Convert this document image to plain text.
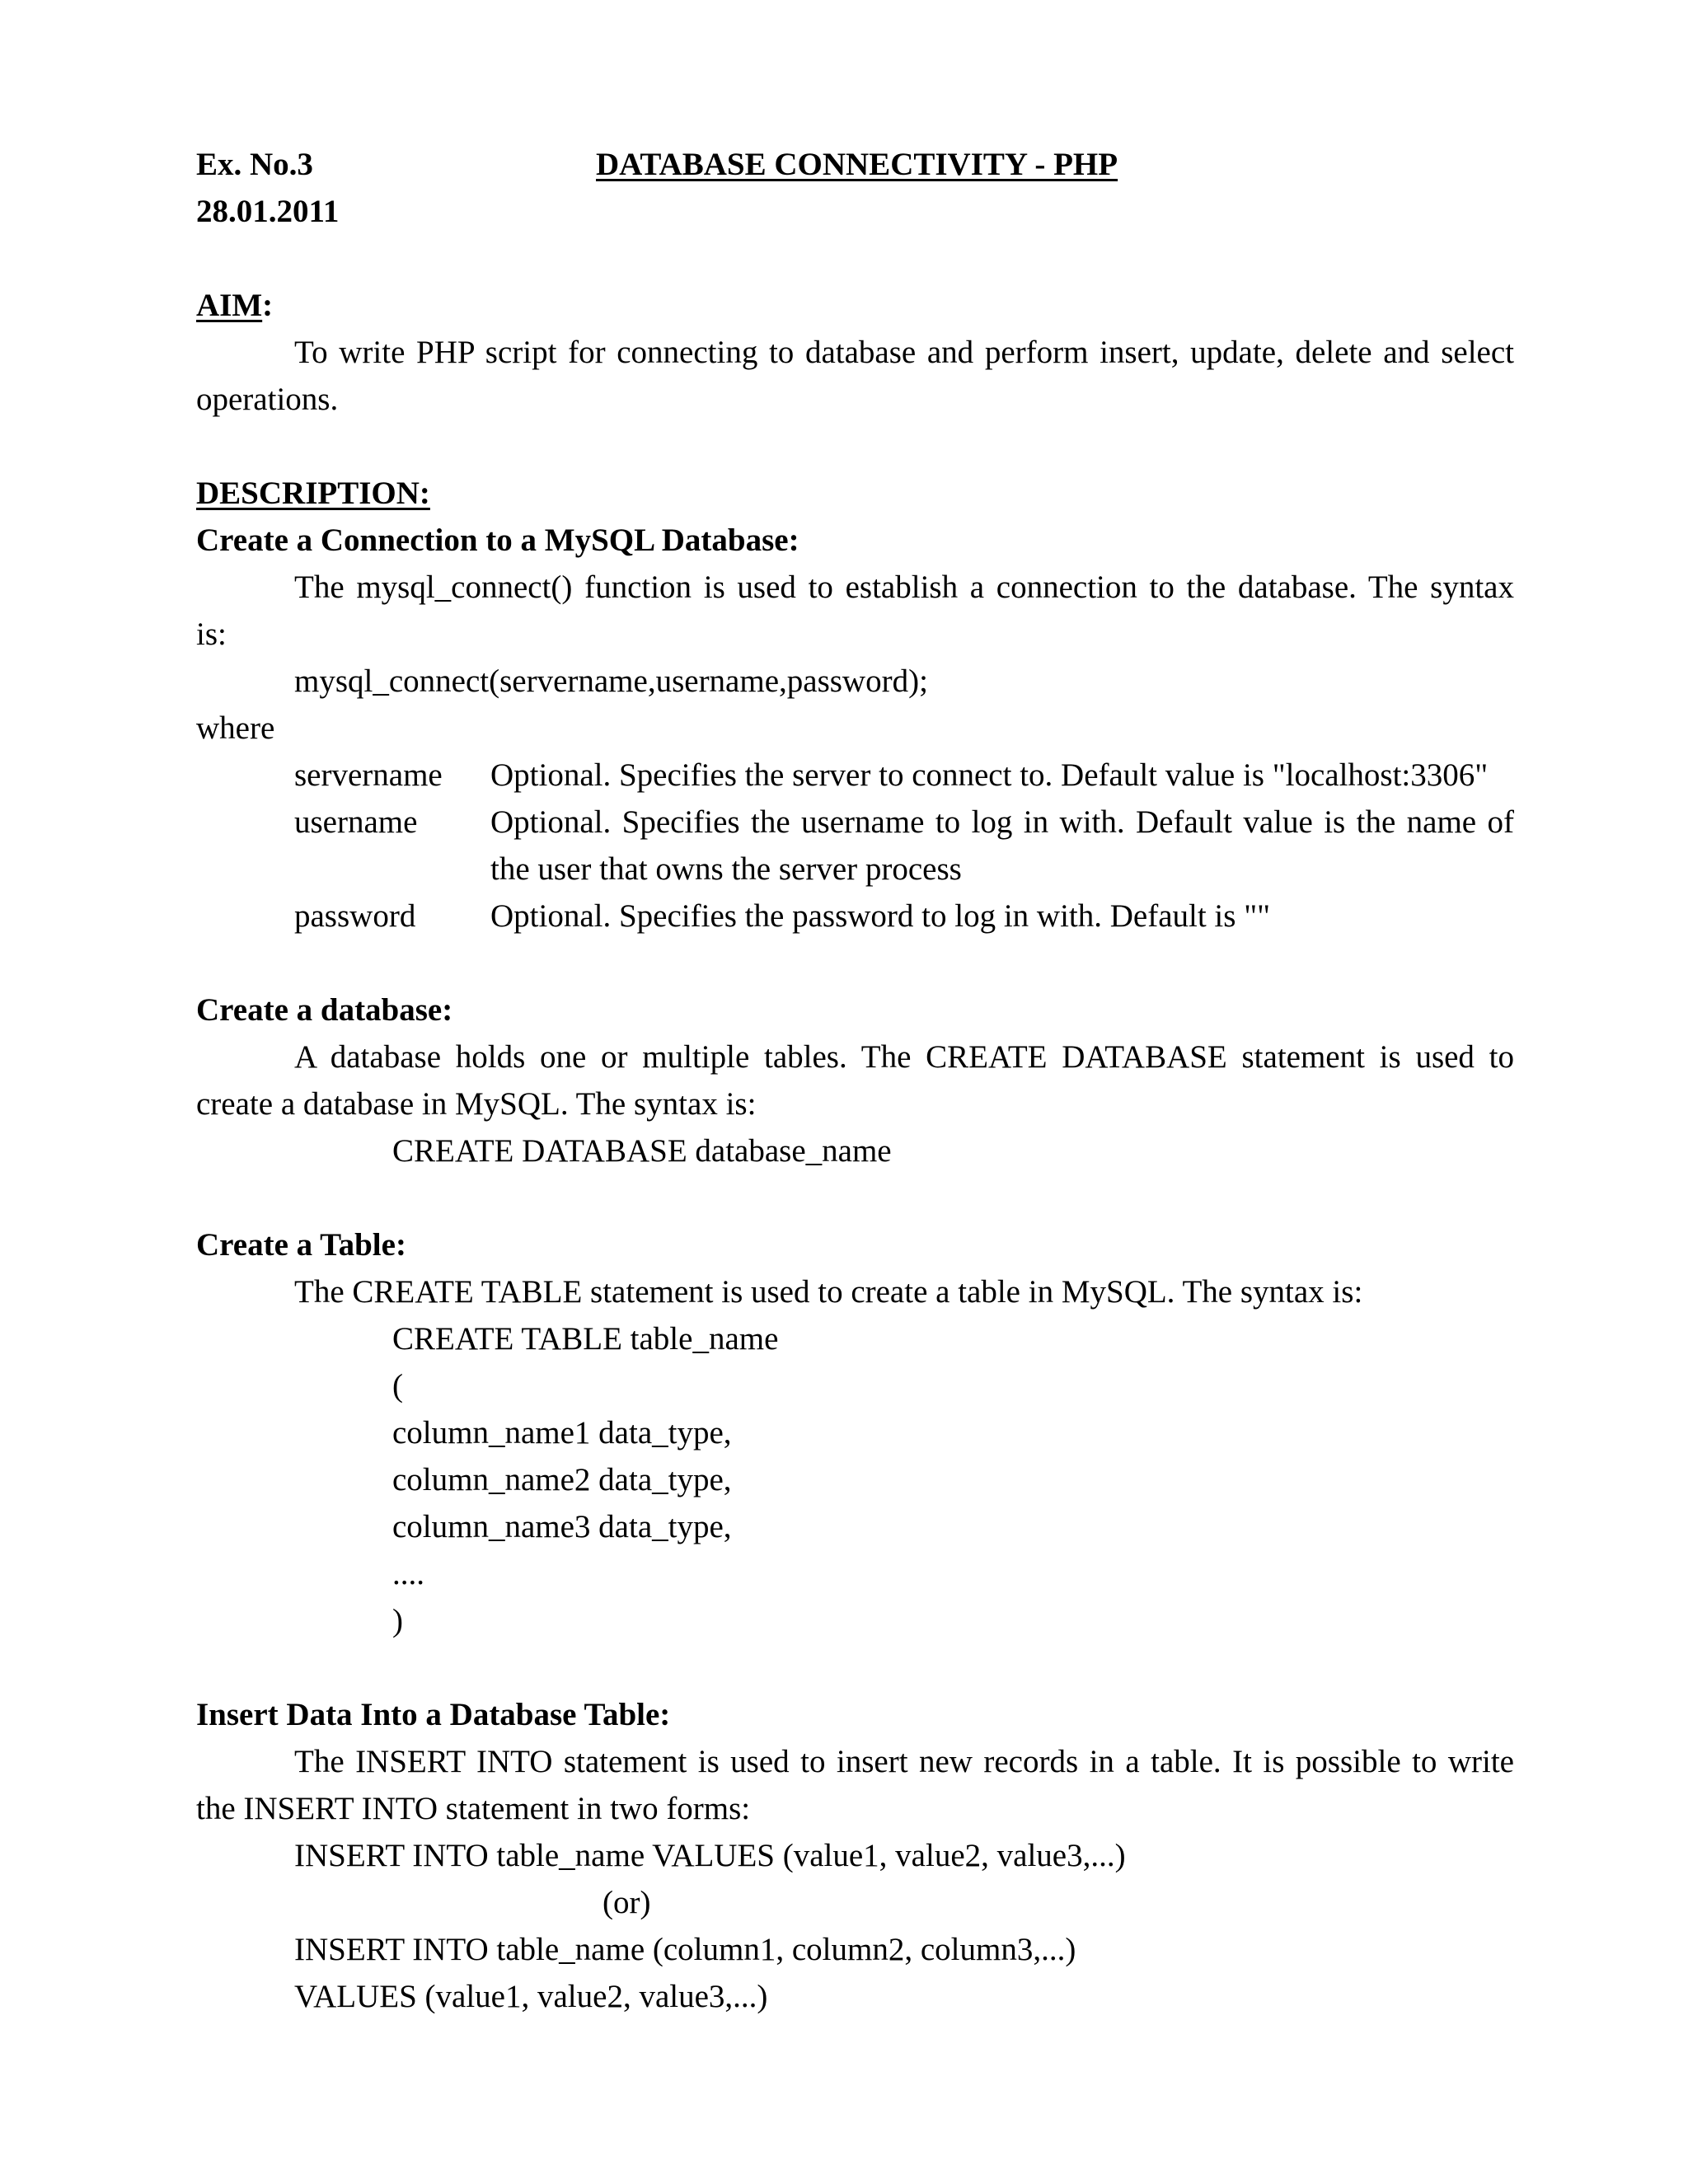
Ex. No.3
28.01.2011
DATABASE CONNECTIVITY - PHP
AIM:
To write PHP script for connecting to database and perform insert, update, delete and select
operations.
DESCRIPTION:
Create a Connection to a MySQL Database:
The mysql_connect() function is used to establish a connection to the database. The syntax
is:
mysql_connect(servername,username,password);
where
servername Optional. Specifies the server to connect to. Default value is "localhost:3306"
username Optional. Specifies the username to log in with. Default value is the name of
the user that owns the server process
password Optional. Specifies the password to log in with. Default is ""
Create a database:
A database holds one or multiple tables. The CREATE DATABASE statement is used to
create a database in MySQL. The syntax is:
CREATE DATABASE database_name
Create a Table:
The CREATE TABLE statement is used to create a table in MySQL. The syntax is:
CREATE TABLE table_name
(
column_name1 data_type,
column_name2 data_type,
column_name3 data_type,
....
)
Insert Data Into a Database Table:
The INSERT INTO statement is used to insert new records in a table. It is possible to write
the INSERT INTO statement in two forms:
INSERT INTO table_name VALUES (value1, value2, value3,...)
(or)
INSERT INTO table_name (column1, column2, column3,...)
VALUES (value1, value2, value3,...)
